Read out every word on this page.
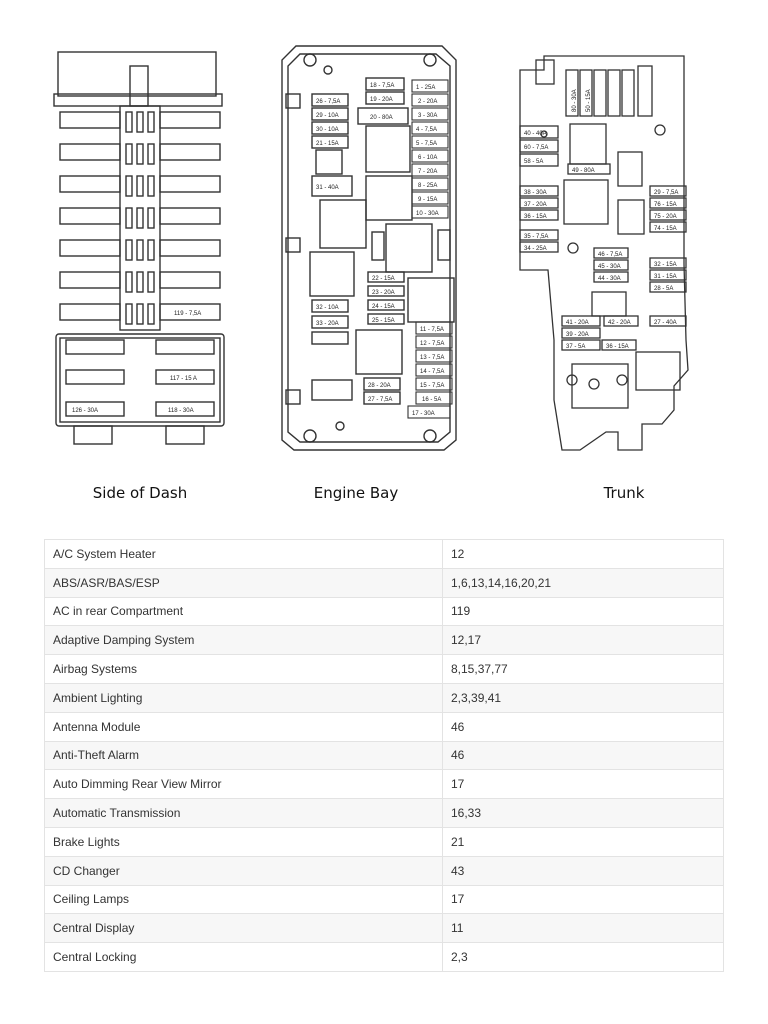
119 - 7,5A
117 - 15 A
126 - 30A	118 - 30A
Side of Dash
1 - 25A
2 - 20A
3 - 30A
4 - 7,5A
5 - 7,5A
6 - 10A
7 - 20A
8 - 25A
9 - 15A
10 - 30A
11 - 7,5A
12 - 7,5A
13 - 7,5A
14 - 7,5A
15 - 7,5A
16 - 5A
17 - 30A
18 - 7,5A
19 - 20A
20 - 80A
21 - 15A
22 - 15A
23 - 20A
24 - 15A
25 - 15A
26 - 7,5A
27 - 7,5A
28 - 20A
29 - 10A
30 - 10A
31 - 40A
32 - 10A
33 - 20A
Engine Bay
40 - 40A
60 - 7,5A
58 - 5A
49 - 80A
38 - 30A
37 - 20A
36 - 15A
35 - 7,5A
34 - 25A
29 - 7,5A
76 - 15A
75 - 20A
74 - 15A
32 - 15A
31 - 15A
28 - 5A
27 - 40A
46 - 7,5A
45 - 30A
44 - 30A
41 - 20A	42 - 20A
39 - 20A
37 - 5A	36 - 15A
80 - 30A 50 - 15A
Trunk
A/C System Heater	12
ABS/ASR/BAS/ESP	1,6,13,14,16,20,21
AC in rear Compartment	119
Adaptive Damping System	12,17
Airbag Systems	8,15,37,77
Ambient Lighting	2,3,39,41
Antenna Module	46
Anti-Theft Alarm	46
Auto Dimming Rear View Mirror	17
Automatic Transmission	16,33
Brake Lights	21
CD Changer	43
Ceiling Lamps	17
Central Display	11
Central Locking	2,3
